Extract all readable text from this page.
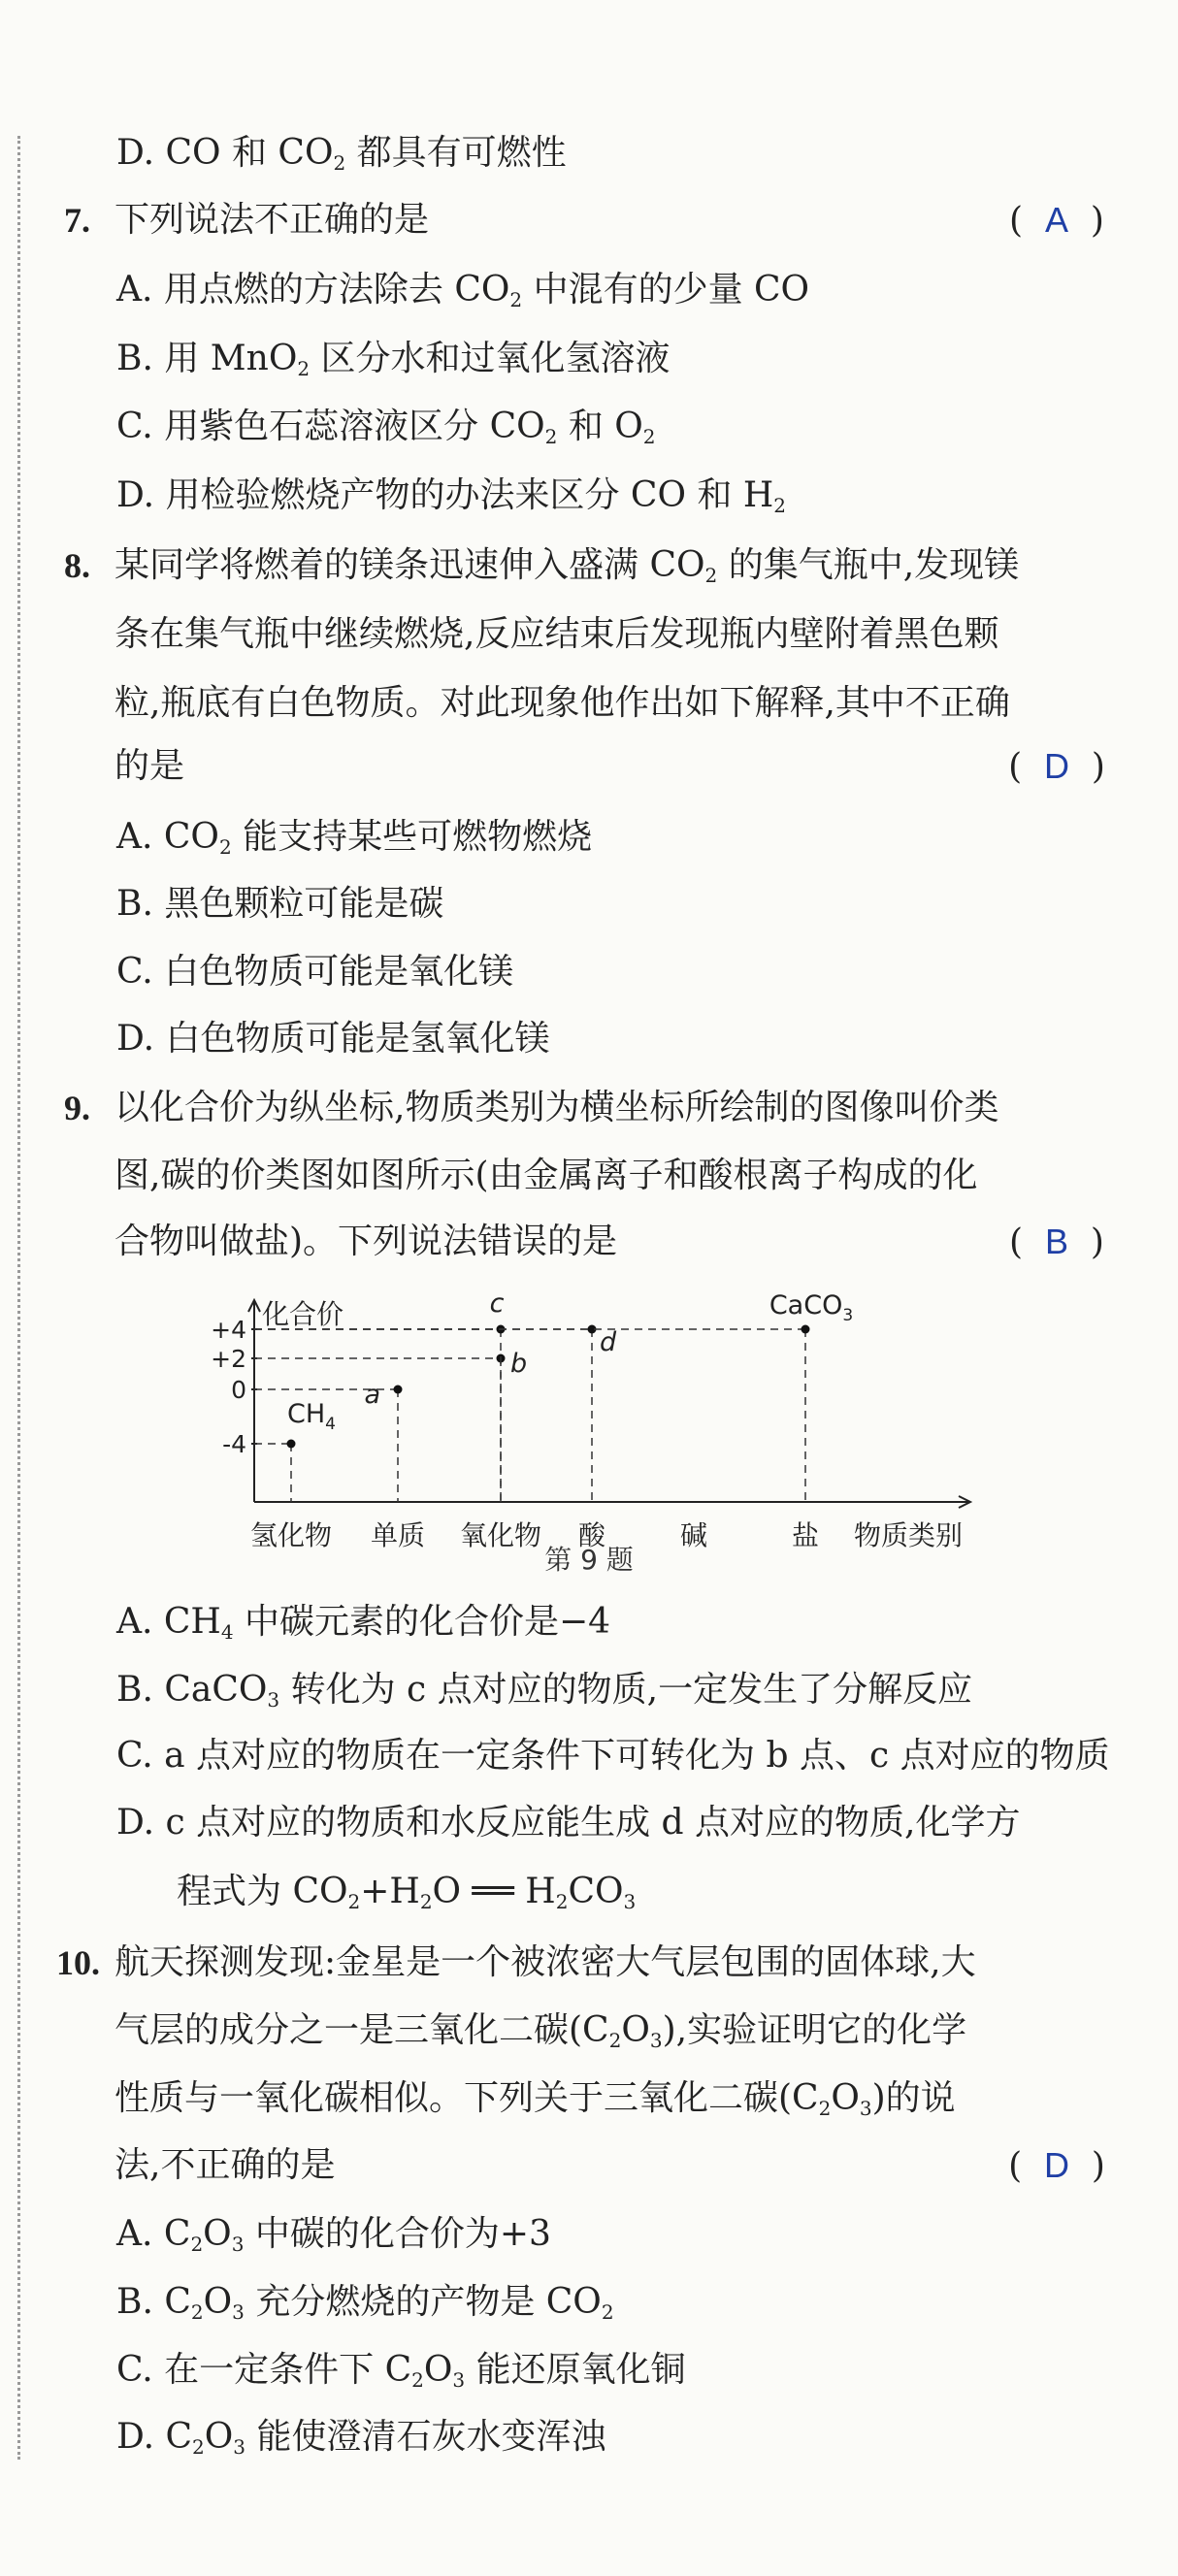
D. CO 和 $CO_2$ 都具有可燃性
7. 下列说法不正确的是	(  A  )
A. 用点燃的方法除去 $CO_2$ 中混有的少量 CO
B. 用 MnO$_2$ 区分水和过氧化氢溶液
C. 用紫色石蕊溶液区分 $CO_2$ 和 $O_2$
D. 用检验燃烧产物的办法来区分 CO 和 $H_2$
8. 某同学将燃着的镁条迅速伸入盛满 $CO_2$ 的集气瓶中,发现镁
条在集气瓶中继续燃烧,反应结束后发现瓶内壁附着黑色颗
粒,瓶底有白色物质。对此现象他作出如下解释,其中不正确
的是	(  D  )
A. $CO_2$ 能支持某些可燃物燃烧
B. 黑色颗粒可能是碳
C. 白色物质可能是氧化镁
D. 白色物质可能是氢氧化镁
9. 以化合价为纵坐标,物质类别为横坐标所绘制的图像叫价类
图,碳的价类图如图所示(由金属离子和酸根离子构成的化
合物叫做盐)。下列说法错误的是	(  B  )
化合价
+4
+2
0
-4
氢化物 单质 氧化物 酸	碱	盐 物质类别
$CH_4$
a
b
c
d
CaCO$_3$
第 9 题
A. $CH_4$ 中碳元素的化合价是−4
B. CaCO$_3$ 转化为 c 点对应的物质,一定发生了分解反应
C. a 点对应的物质在一定条件下可转化为 b 点、c 点对应的物质
D. c 点对应的物质和水反应能生成 d 点对应的物质,化学方
程式为 $CO_2+H_2O$ ══ $H_2CO_3$
10. 航天探测发现:金星是一个被浓密大气层包围的固体球,大
气层的成分之一是三氧化二碳$(C_2O_3)$,实验证明它的化学
性质与一氧化碳相似。下列关于三氧化二碳$(C_2O_3)$的说
法,不正确的是	(  D  )
A. $C_2O_3$ 中碳的化合价为+3
B. $C_2O_3$ 充分燃烧的产物是 $CO_2$
C. 在一定条件下 $C_2O_3$ 能还原氧化铜
D. $C_2O_3$ 能使澄清石灰水变浑浊
